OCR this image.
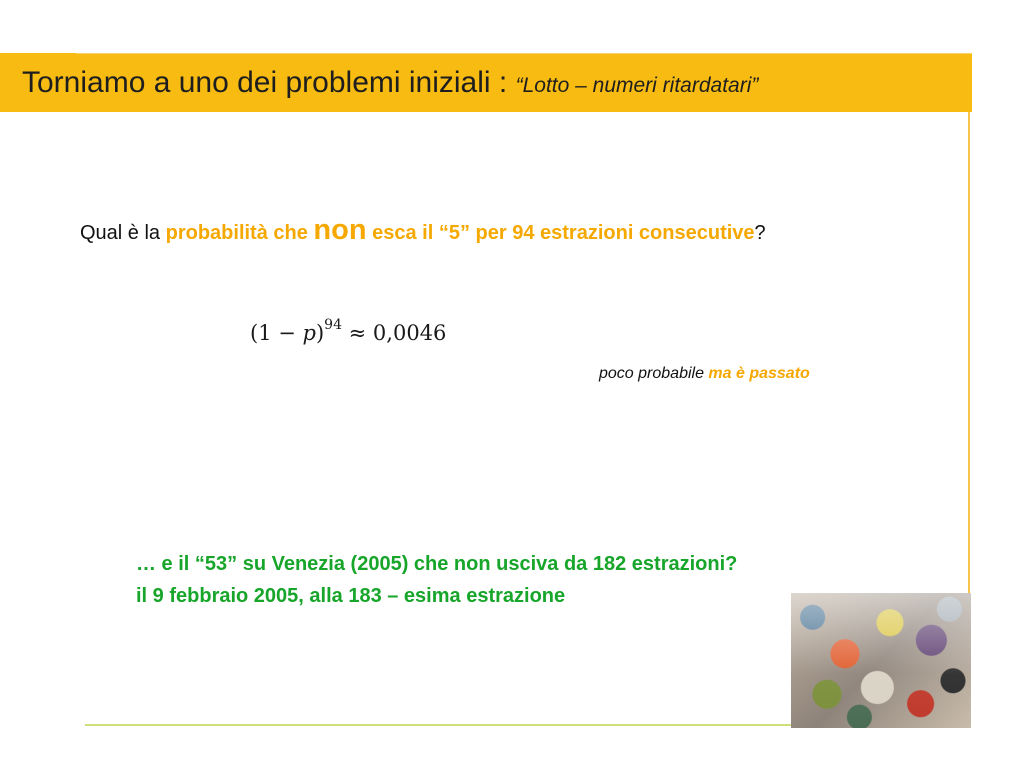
Torniamo a uno dei problemi iniziali : “Lotto – numeri ritardatari”
Qual è la probabilità che non esca il “5” per 94 estrazioni consecutive?
$(1 - p)^{94} \approx 0,0046$
poco probabile ma è passato
… e il “53” su Venezia (2005) che non usciva da 182 estrazioni?
il 9 febbraio 2005, alla 183 – esima estrazione
